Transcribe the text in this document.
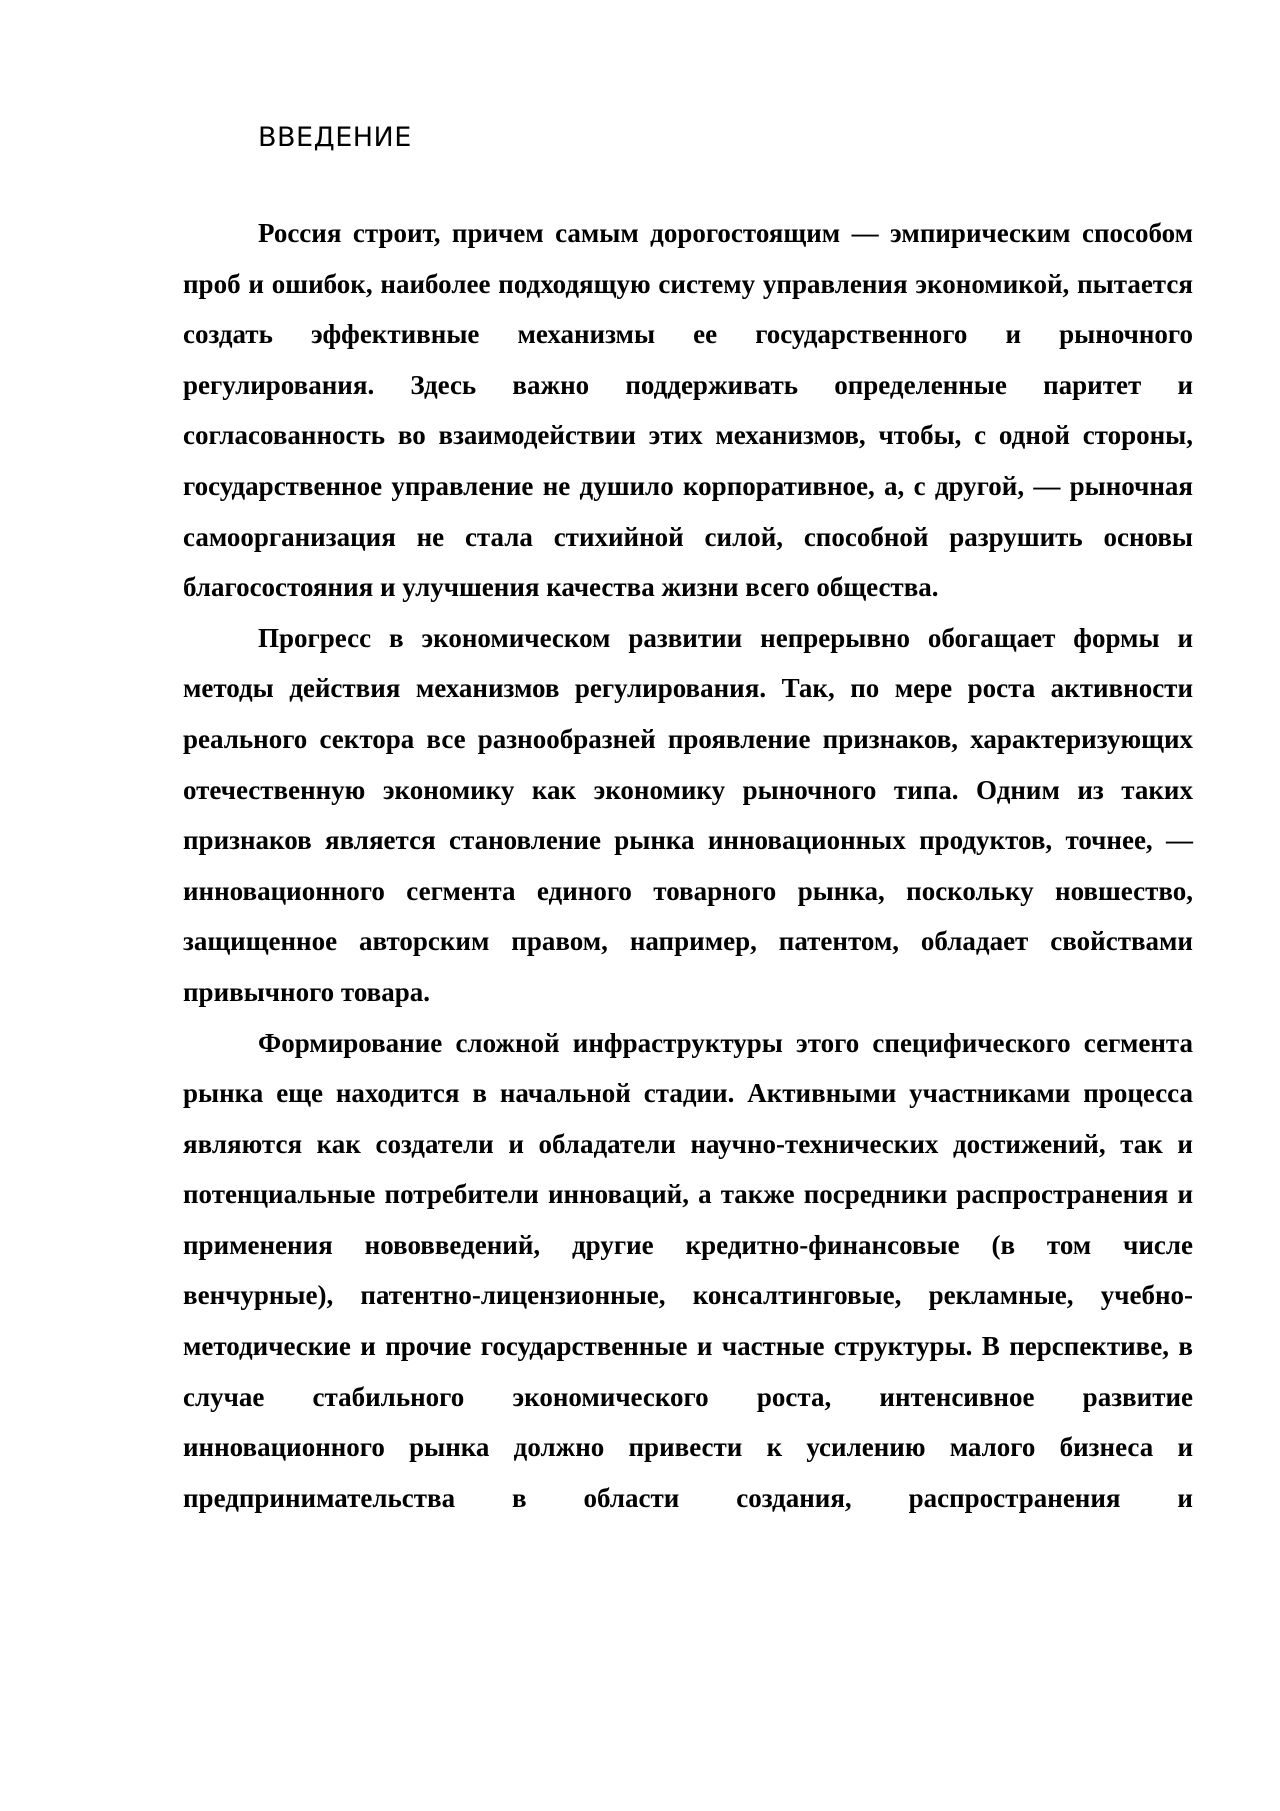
ВВЕДЕНИЕ

Россия строит, причем самым дорогостоящим — эмпирическим способом проб и ошибок, наиболее подходящую систему управления экономикой, пытается создать эффективные механизмы ее государственного и рыночного регулирования. Здесь важно поддерживать определенные паритет и согласованность во взаимодействии этих механизмов, чтобы, с одной стороны, государственное управление не душило корпоративное, а, с другой, — рыночная самоорганизация не стала стихийной силой, способной разрушить основы благосостояния и улучшения качества жизни всего общества.

Прогресс в экономическом развитии непрерывно обогащает формы и методы действия механизмов регулирования. Так, по мере роста активности реального сектора все разнообразней проявление признаков, характеризующих отечественную экономику как экономику рыночного типа. Одним из таких признаков является становление рынка инновационных продуктов, точнее, — инновационного сегмента единого товарного рынка, поскольку новшество, защищенное авторским правом, например, патентом, обладает свойствами привычного товара.

Формирование сложной инфраструктуры этого специфического сегмента рынка еще находится в начальной стадии. Активными участниками процесса являются как создатели и обладатели научно-технических достижений, так и потенциальные потребители инноваций, а также посредники распространения и применения нововведений, другие кредитно-финансовые (в том числе венчурные), патентно-лицензионные, консалтинговые, рекламные, учебно-методические и прочие государственные и частные структуры. В перспективе, в случае стабильного экономического роста, интенсивное развитие инновационного рынка должно привести к усилению малого бизнеса и предпринимательства в области создания, распространения и
